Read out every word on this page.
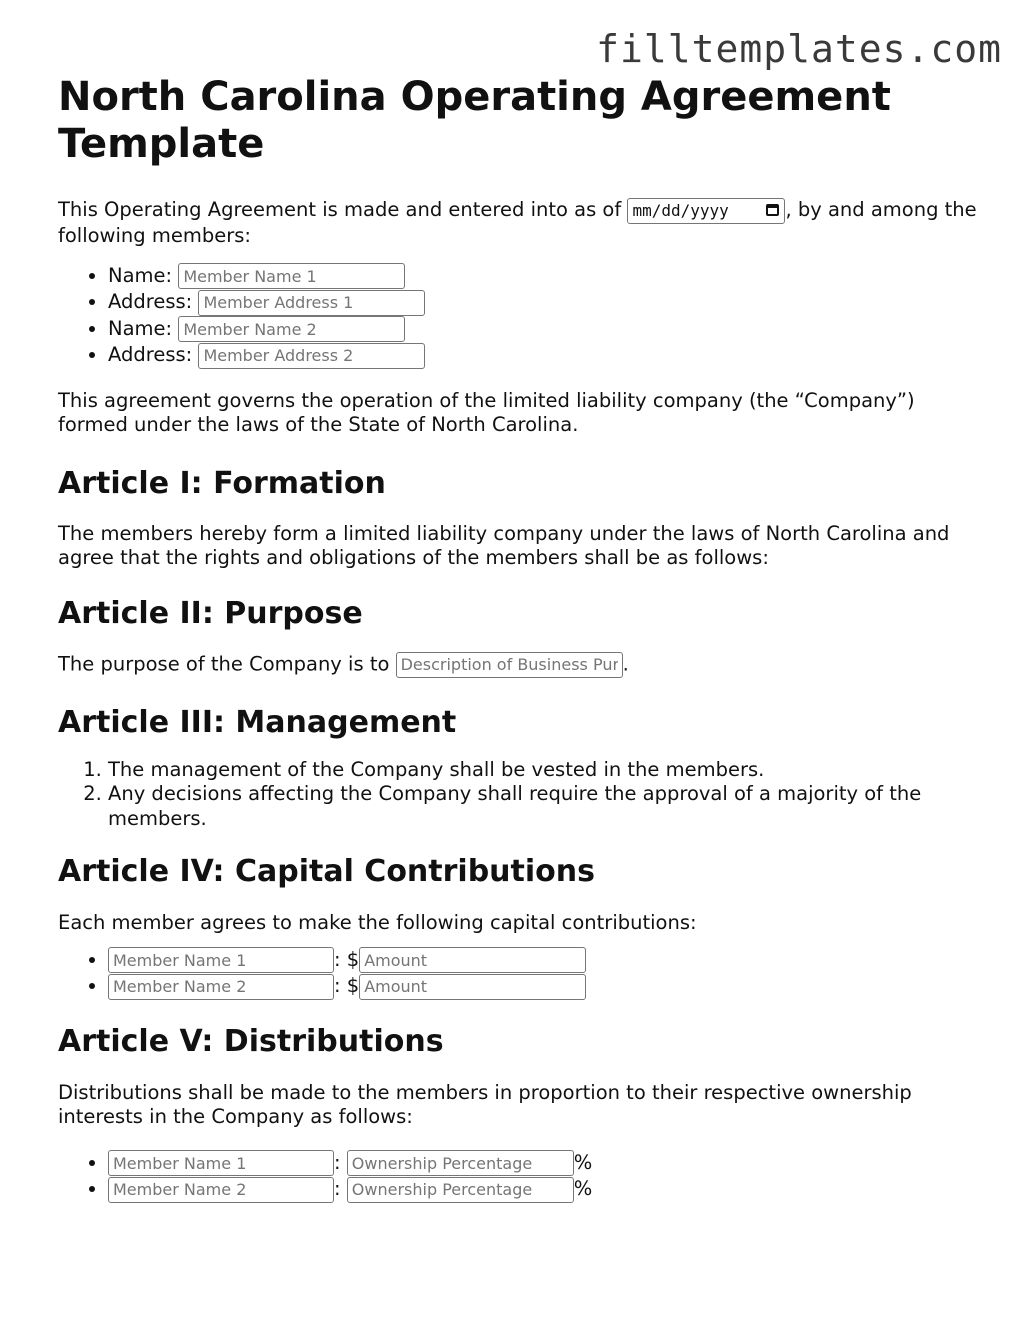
filltemplates.com
North Carolina Operating Agreement Template

This Operating Agreement is made and entered into as of mm/dd/yyyy	, by and among the following members:

• Name: Member Name 1
• Address: Member Address 1
• Name: Member Name 2
• Address: Member Address 2

This agreement governs the operation of the limited liability company (the “Company”) formed under the laws of the State of North Carolina.

Article I: Formation

The members hereby form a limited liability company under the laws of North Carolina and agree that the rights and obligations of the members shall be as follows:

Article II: Purpose

The purpose of the Company is to Description of Business Purpose	.

Article III: Management
1. The management of the Company shall be vested in the members.
2. Any decisions affecting the Company shall require the approval of a majority of the members.
Article IV: Capital Contributions

Each member agrees to make the following capital contributions:

Member Name 1 • : $Amount
Member Name 2 • : $Amount
Article V: Distributions

Distributions shall be made to the members in proportion to their respective ownership interests in the Company as follows:

Member Name 1 • : Ownership Percentage	%
Member Name 2 • : Ownership Percentage	%
